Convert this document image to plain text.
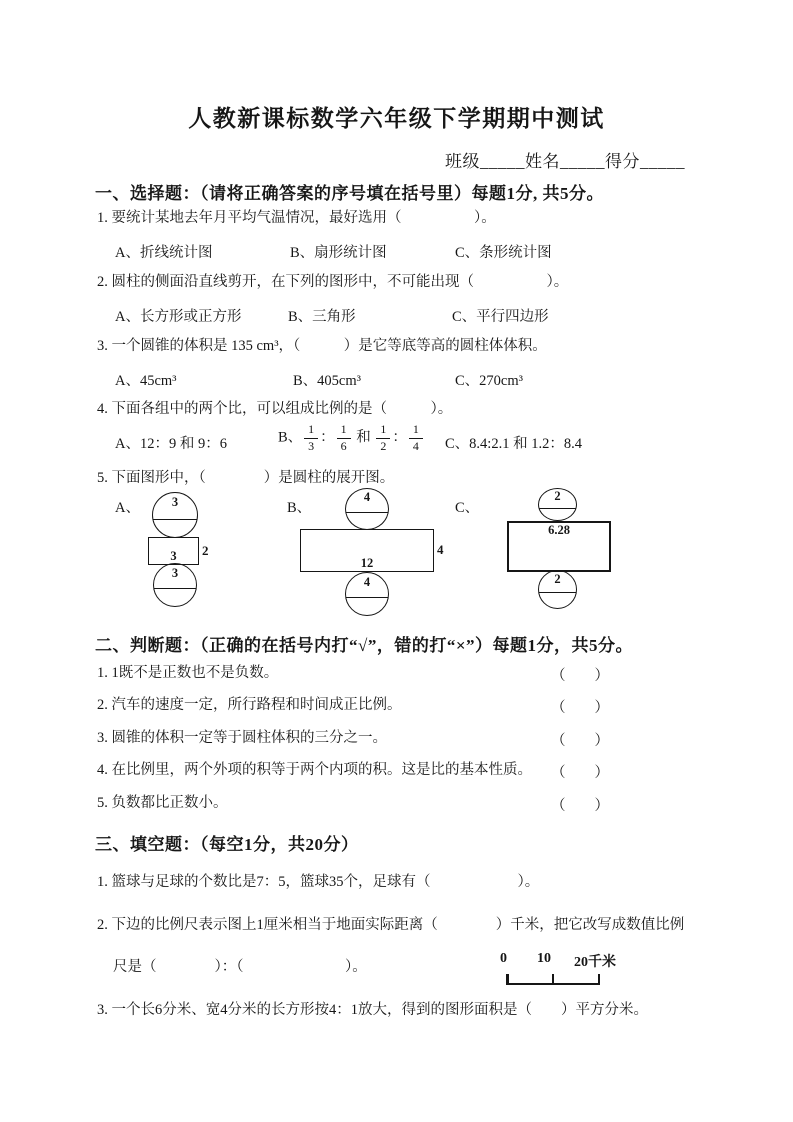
人教新课标数学六年级下学期期中测试
班级_____姓名_____得分_____
一、选择题：（请将正确答案的序号填在括号里）每题1分, 共5分。
1. 要统计某地去年月平均气温情况，最好选用（　　　　　）。
A、折线统计图	B、扇形统计图	C、条形统计图
2. 圆柱的侧面沿直线剪开，在下列的图形中，不可能出现（　　　　　）。
A、长方形或正方形	B、三角形	C、平行四边形
3. 一个圆锥的体积是 135 cm³，（　　　）是它等底等高的圆柱体体积。
A、45cm³	B、405cm³	C、270cm³
4. 下面各组中的两个比，可以组成比例的是（　　　）。
A、12：9 和 9：6	B、 $\frac{1}{3}$ ： $\frac{1}{6}$ 和 $\frac{1}{2}$ ： $\frac{1}{4}$ C、8.4:2.1 和 1.2：8.4
5. 下面图形中，（　　　　）是圆柱的展开图。
A、	3
3	2
3
B、
4
12
4
4
C、
2
6.28
2
二、判断题：（正确的在括号内打“√”，错的打“×”）每题1分，共5分。
1. 1既不是正数也不是负数。	（　　）
2. 汽车的速度一定，所行路程和时间成正比例。	（　　）
3. 圆锥的体积一定等于圆柱体积的三分之一。	（　　）
4. 在比例里，两个外项的积等于两个内项的积。这是比的基本性质。 （　　）
5. 负数都比正数小。	（　　）
三、填空题：（每空1分，共20分）
1. 篮球与足球的个数比是7：5，篮球35个，足球有（　　　　　　）。
2. 下边的比例尺表示图上1厘米相当于地面实际距离（　　　　）千米，把它改写成数值比例
尺是（　　　　）：（　　　　　　　）。
0 10 20千米
3. 一个长6分米、宽4分米的长方形按4：1放大，得到的图形面积是（　　）平方分米。
